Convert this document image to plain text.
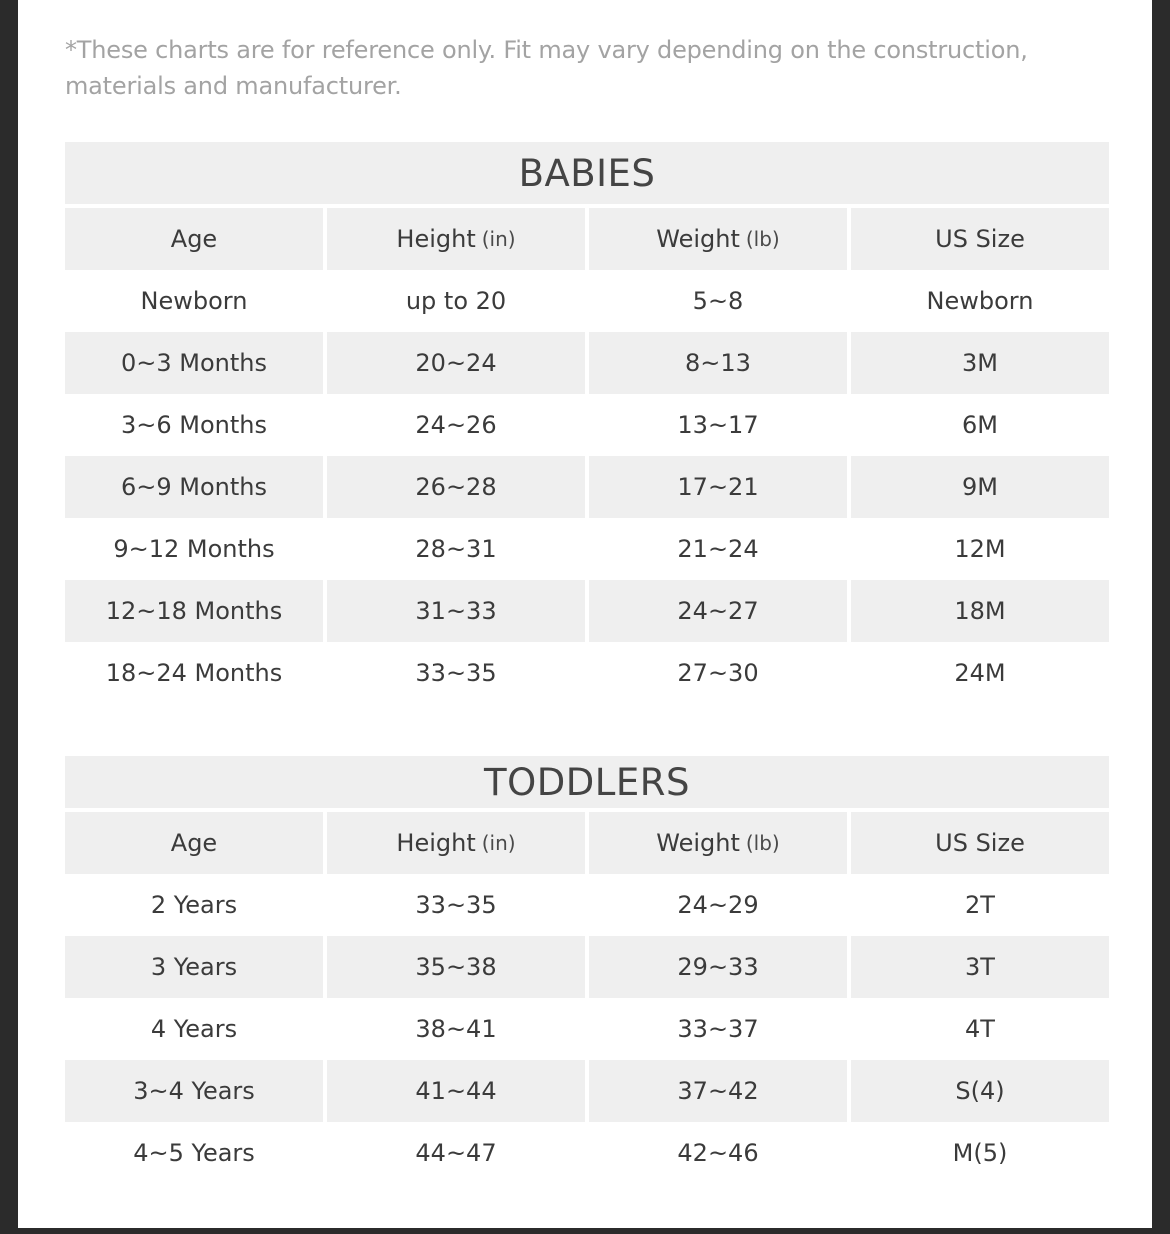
*These charts are for reference only. Fit may vary depending on the construction, materials and manufacturer.

BABIES
Age	Height (in)	Weight (lb)	US Size
Newborn	up to 20	5~8	Newborn
0~3 Months	20~24	8~13	3M
3~6 Months	24~26	13~17	6M
6~9 Months	26~28	17~21	9M
9~12 Months	28~31	21~24	12M
12~18 Months	31~33	24~27	18M
18~24 Months	33~35	27~30	24M
TODDLERS
Age	Height (in)	Weight (lb)	US Size
2 Years	33~35	24~29	2T
3 Years	35~38	29~33	3T
4 Years	38~41	33~37	4T
3~4 Years	41~44	37~42	S(4)
4~5 Years	44~47	42~46	M(5)
